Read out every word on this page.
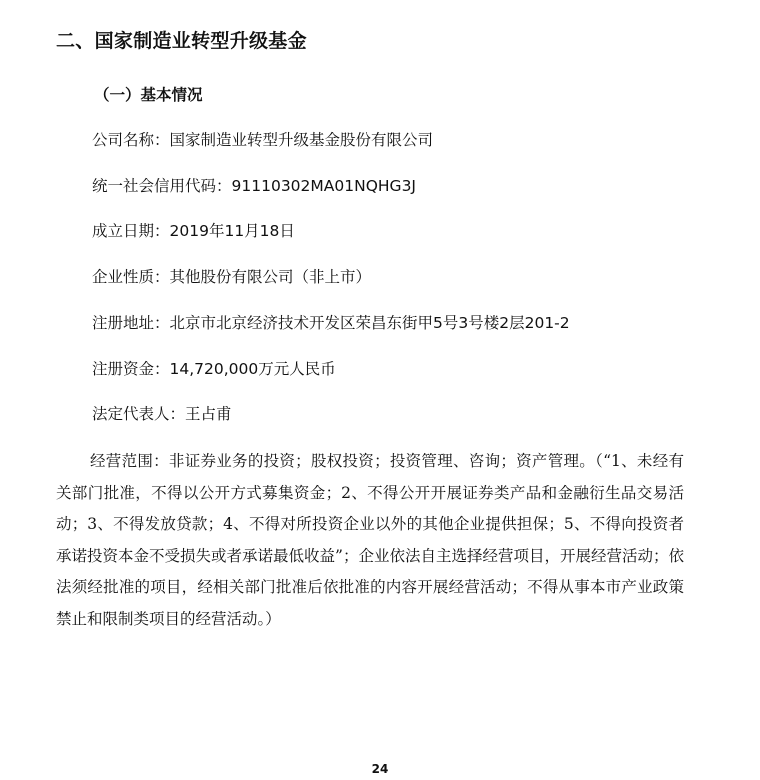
二、国家制造业转型升级基金
（一）基本情况
公司名称：国家制造业转型升级基金股份有限公司
统一社会信用代码：91110302MA01NQHG3J
成立日期：2019年11月18日
企业性质：其他股份有限公司（非上市）
注册地址：北京市北京经济技术开发区荣昌东街甲5号3号楼2层201-2
注册资金：14,720,000万元人民币
法定代表人：王占甫
经营范围：非证券业务的投资；股权投资；投资管理、咨询；资产管理。（“1、未经有关部门批准，不得以公开方式募集资金；2、不得公开开展证券类产品和金融衍生品交易活动；3、不得发放贷款；4、不得对所投资企业以外的其他企业提供担保；5、不得向投资者承诺投资本金不受损失或者承诺最低收益”；企业依法自主选择经营项目，开展经营活动；依法须经批准的项目，经相关部门批准后依批准的内容开展经营活动；不得从事本市产业政策禁止和限制类项目的经营活动。）
24
